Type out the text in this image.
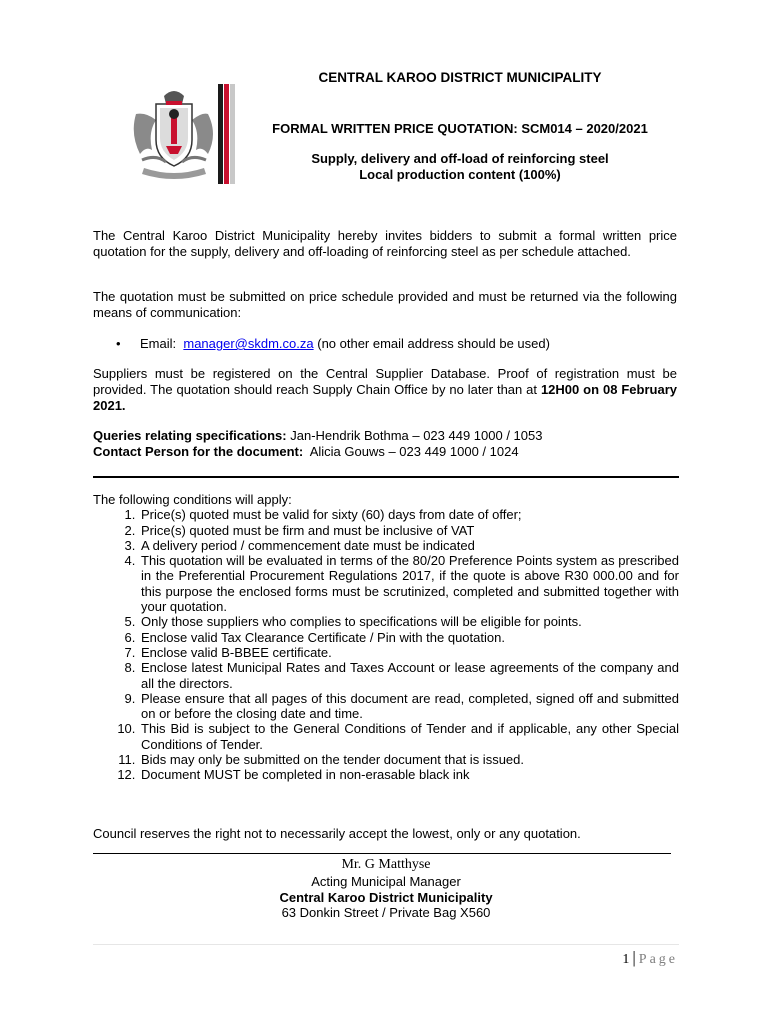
CENTRAL KAROO DISTRICT MUNICIPALITY
FORMAL WRITTEN PRICE QUOTATION: SCM014 – 2020/2021
Supply, delivery and off-load of reinforcing steel
Local production content (100%)
The Central Karoo District Municipality hereby invites bidders to submit a formal written price quotation for the supply, delivery and off-loading of reinforcing steel as per schedule attached.
The quotation must be submitted on price schedule provided and must be returned via the following means of communication:
• Email: manager@skdm.co.za (no other email address should be used)
Suppliers must be registered on the Central Supplier Database. Proof of registration must be provided. The quotation should reach Supply Chain Office by no later than at 12H00 on 08 February 2021.
Queries relating specifications: Jan-Hendrik Bothma – 023 449 1000 / 1053
Contact Person for the document: Alicia Gouws – 023 449 1000 / 1024
The following conditions will apply:
1. Price(s) quoted must be valid for sixty (60) days from date of offer;
2. Price(s) quoted must be firm and must be inclusive of VAT
3. A delivery period / commencement date must be indicated
4. This quotation will be evaluated in terms of the 80/20 Preference Points system as prescribed in the Preferential Procurement Regulations 2017, if the quote is above R30 000.00 and for this purpose the enclosed forms must be scrutinized, completed and submitted together with your quotation.
5. Only those suppliers who complies to specifications will be eligible for points.
6. Enclose valid Tax Clearance Certificate / Pin with the quotation.
7. Enclose valid B-BBEE certificate.
8. Enclose latest Municipal Rates and Taxes Account or lease agreements of the company and all the directors.
9. Please ensure that all pages of this document are read, completed, signed off and submitted on or before the closing date and time.
10. This Bid is subject to the General Conditions of Tender and if applicable, any other Special Conditions of Tender.
11. Bids may only be submitted on the tender document that is issued.
12. Document MUST be completed in non-erasable black ink
Council reserves the right not to necessarily accept the lowest, only or any quotation.
Mr. G Matthyse
Acting Municipal Manager
Central Karoo District Municipality
63 Donkin Street / Private Bag X560
1 | Page
